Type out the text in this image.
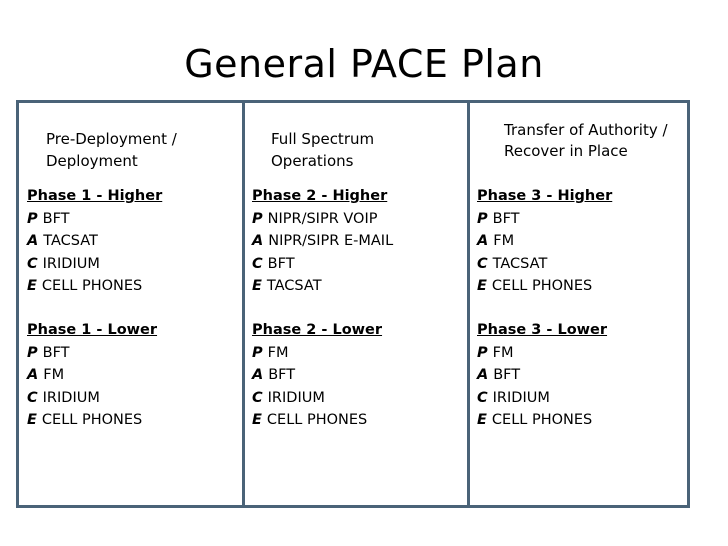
General PACE Plan
Pre-Deployment / Deployment
Phase 1 - Higher
P BFT
A TACSAT
C IRIDIUM
E CELL PHONES
Phase 1 - Lower
P BFT
A FM
C IRIDIUM
E CELL PHONES
Full Spectrum Operations
Phase 2 - Higher
P NIPR/SIPR VOIP
A NIPR/SIPR E-MAIL
C BFT
E TACSAT
Phase 2 - Lower
P FM
A BFT
C IRIDIUM
E CELL PHONES
Transfer of Authority / Recover in Place
Phase 3 - Higher
P BFT
A FM
C TACSAT
E CELL PHONES
Phase 3 - Lower
P FM
A BFT
C IRIDIUM
E CELL PHONES
